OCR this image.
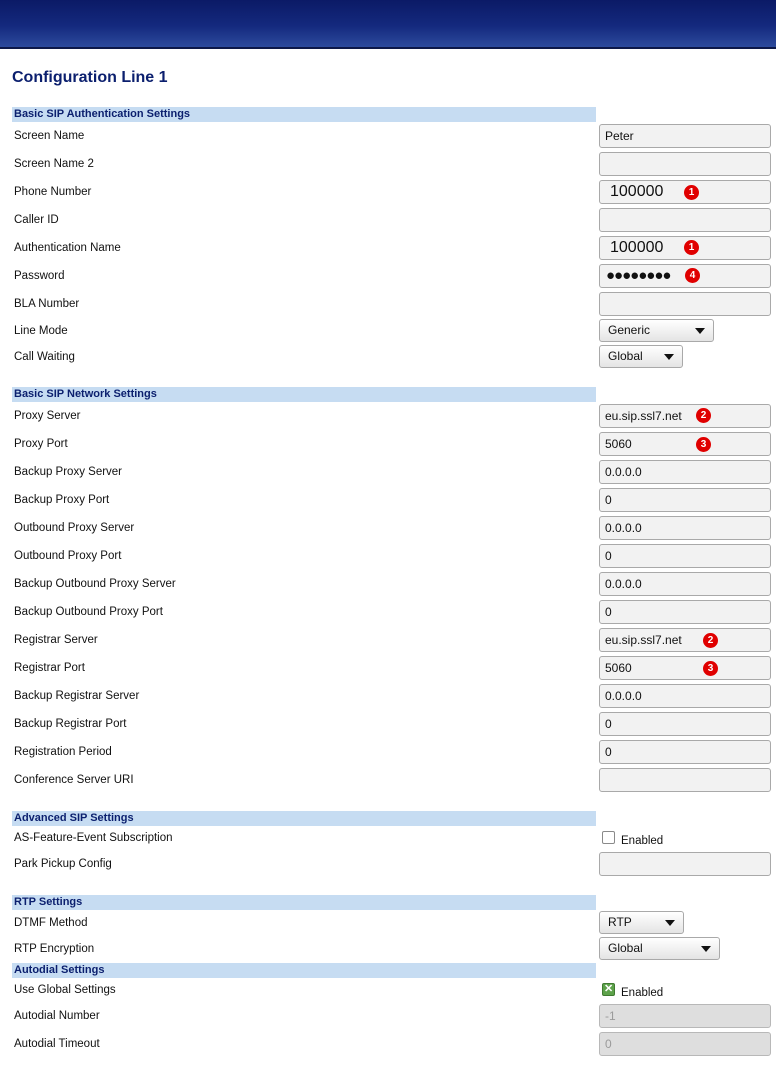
Configuration Line 1
Basic SIP Authentication Settings
Screen Name	Peter
Screen Name 2
Phone Number	100000	1
Caller ID
Authentication Name	100000	1
Password	●●●●●●●●	4
BLA Number
Line Mode	Generic
Call Waiting	Global
Basic SIP Network Settings
Proxy Server	eu.sip.ssl7.net	2
Proxy Port	5060	3
Backup Proxy Server	0.0.0.0
Backup Proxy Port	0
Outbound Proxy Server	0.0.0.0
Outbound Proxy Port	0
Backup Outbound Proxy Server	0.0.0.0
Backup Outbound Proxy Port	0
Registrar Server	eu.sip.ssl7.net	2
Registrar Port	5060	3
Backup Registrar Server	0.0.0.0
Backup Registrar Port	0
Registration Period	0
Conference Server URI
Advanced SIP Settings
AS-Feature-Event Subscription	Enabled
Park Pickup Config
RTP Settings
DTMF Method	RTP
RTP Encryption	Global
Autodial Settings
Use Global Settings	✕ Enabled
Autodial Number	-1
Autodial Timeout	0
